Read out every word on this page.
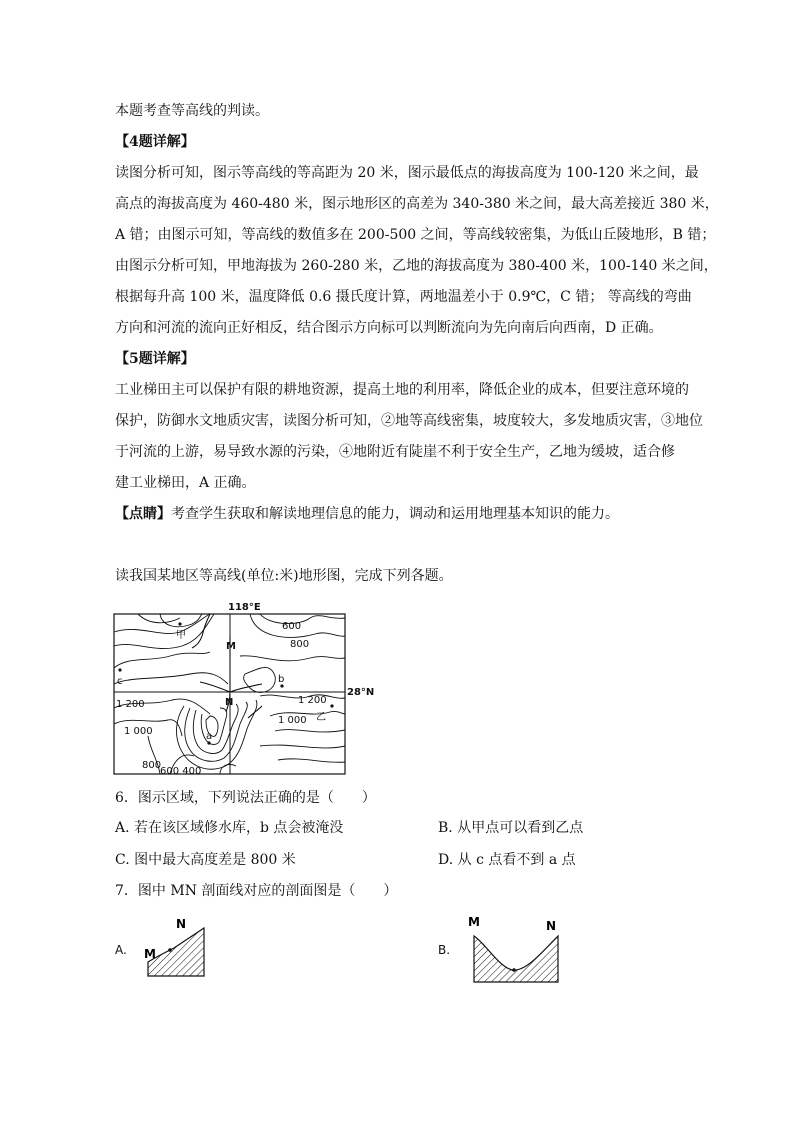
本题考查等高线的判读。
【4题详解】
读图分析可知，图示等高线的等高距为 20 米，图示最低点的海拔高度为 100-120 米之间，最
高点的海拔高度为 460-480 米，图示地形区的高差为 340-380 米之间，最大高差接近 380 米，
A 错；由图示可知，等高线的数值多在 200-500 之间，等高线较密集，为低山丘陵地形，B 错；
由图示分析可知，甲地海拔为 260-280 米，乙地的海拔高度为 380-400 米，100-140 米之间，
根据每升高 100 米，温度降低 0.6 摄氏度计算，两地温差小于 0.9℃，C 错； 等高线的弯曲
方向和河流的流向正好相反，结合图示方向标可以判断流向为先向南后向西南，D 正确。
【5题详解】
工业梯田主可以保护有限的耕地资源，提高土地的利用率，降低企业的成本，但要注意环境的
保护，防御水文地质灾害，读图分析可知，②地等高线密集，坡度较大，多发地质灾害，③地位
于河流的上游，易导致水源的污染，④地附近有陡崖不利于安全生产，乙地为缓坡，适合修
建工业梯田，A 正确。
【点睛】考查学生获取和解读地理信息的能力，调动和运用地理基本知识的能力。
读我国某地区等高线(单位:米)地形图，完成下列各题。
118°E
28°N
甲
M
N
600
800
c	b
1 200	1 200
1 000 乙
1 000	a
800
600 400
6．图示区域，下列说法正确的是（　　）
A. 若在该区域修水库，b 点会被淹没	B. 从甲点可以看到乙点
C. 图中最大高度差是 800 米	D. 从 c 点看不到 a 点
7．图中 MN 剖面线对应的剖面图是（　　）
A. M
N
B.
M	N
